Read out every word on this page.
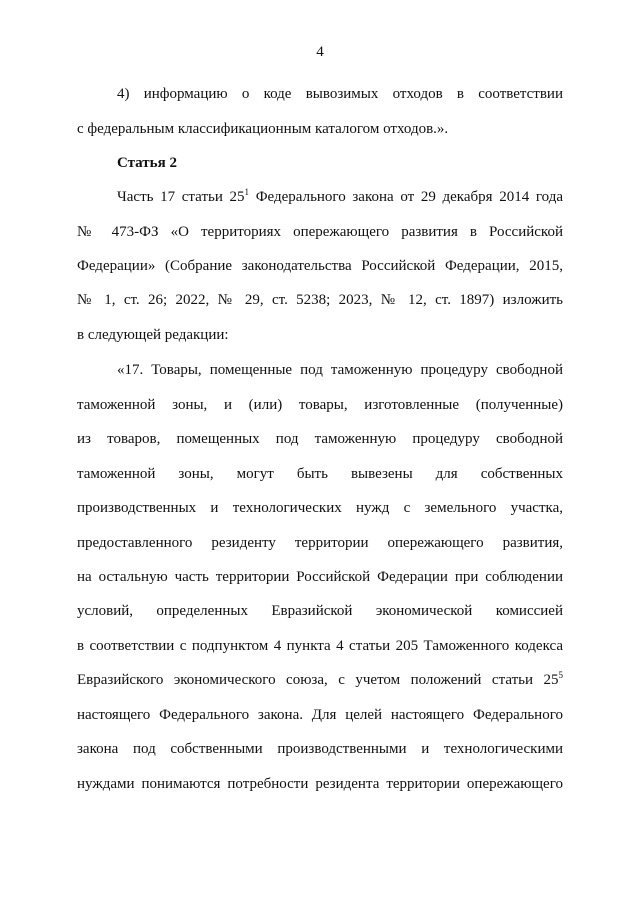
4
4) информацию о коде вывозимых отходов в соответствии
с федеральным классификационным каталогом отходов.».
Статья 2
Часть 17 статьи $25^1$ Федерального закона от 29 декабря 2014 года
№ 473-ФЗ «О территориях опережающего развития в Российской
Федерации» (Собрание законодательства Российской Федерации, 2015,
№ 1, ст. 26; 2022, № 29, ст. 5238; 2023, № 12, ст. 1897) изложить
в следующей редакции:
«17. Товары, помещенные под таможенную процедуру свободной
таможенной зоны, и (или) товары, изготовленные (полученные)
из товаров, помещенных под таможенную процедуру свободной
таможенной зоны, могут быть вывезены для собственных
производственных и технологических нужд с земельного участка,
предоставленного резиденту территории опережающего развития,
на остальную часть территории Российской Федерации при соблюдении
условий, определенных Евразийской экономической комиссией
в соответствии с подпунктом 4 пункта 4 статьи 205 Таможенного кодекса
Евразийского экономического союза, с учетом положений статьи $25^5$
настоящего Федерального закона. Для целей настоящего Федерального
закона под собственными производственными и технологическими
нуждами понимаются потребности резидента территории опережающего
